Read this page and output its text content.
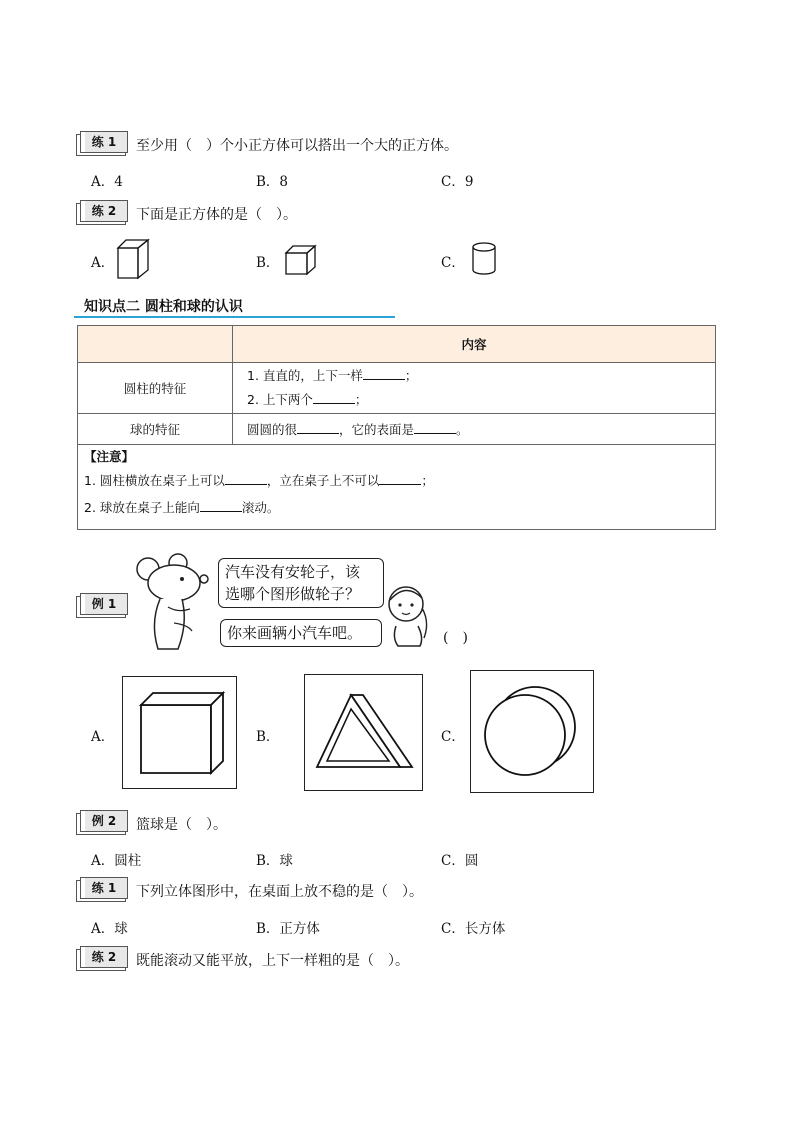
练 1	至少用（　）个小正方体可以搭出一个大的正方体。
A．4	B．8	C．9
练 2	下面是正方体的是（　）。
A．	B．	C．
知识点二 圆柱和球的认识
	内容
圆柱的特征	1. 直直的，上下一样 ；
2. 上下两个 ；

球的特征	圆圆的很 ，它的表面是 。

【注意】
1. 圆柱横放在桌子上可以 ，立在桌子上不可以 ；
2. 球放在桌子上能向 滚动。	
例 1
汽车没有安轮子，该
选哪个图形做轮子？
你来画辆小汽车吧。	(　)
A．	B．	C．
例 2	篮球是（　）。
A．圆柱	B．球	C．圆
练 1	下列立体图形中，在桌面上放不稳的是（　）。
A．球	B．正方体	C．长方体
练 2	既能滚动又能平放，上下一样粗的是（　）。
